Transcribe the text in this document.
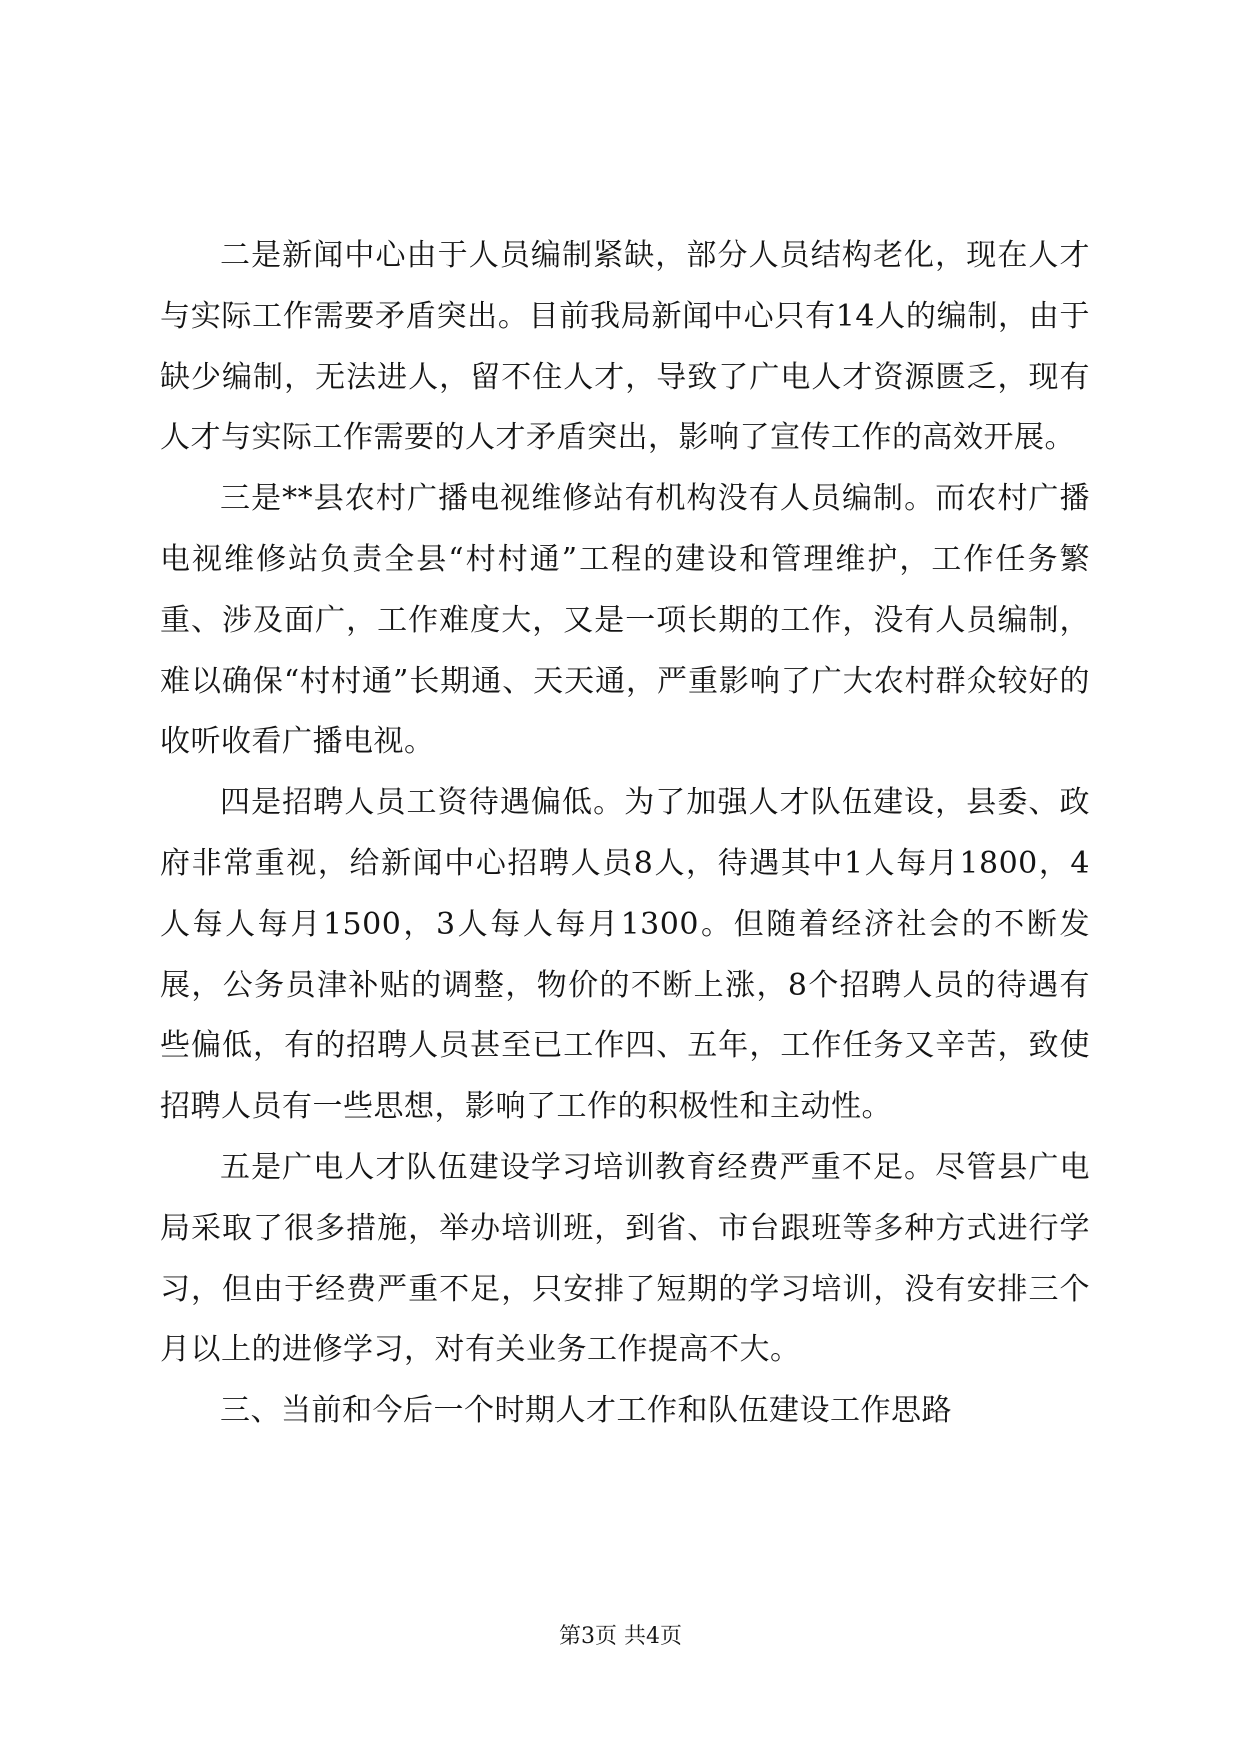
二是新闻中心由于人员编制紧缺，部分人员结构老化，现在人才与实际工作需要矛盾突出。目前我局新闻中心只有14人的编制，由于缺少编制，无法进人，留不住人才，导致了广电人才资源匮乏，现有人才与实际工作需要的人才矛盾突出，影响了宣传工作的高效开展。

三是**县农村广播电视维修站有机构没有人员编制。而农村广播电视维修站负责全县“村村通”工程的建设和管理维护，工作任务繁重、涉及面广，工作难度大，又是一项长期的工作，没有人员编制，难以确保“村村通”长期通、天天通，严重影响了广大农村群众较好的收听收看广播电视。

四是招聘人员工资待遇偏低。为了加强人才队伍建设，县委、政府非常重视，给新闻中心招聘人员8人，待遇其中1人每月1800，4人每人每月1500，3人每人每月1300。但随着经济社会的不断发展，公务员津补贴的调整，物价的不断上涨，8个招聘人员的待遇有些偏低，有的招聘人员甚至已工作四、五年，工作任务又辛苦，致使招聘人员有一些思想，影响了工作的积极性和主动性。

五是广电人才队伍建设学习培训教育经费严重不足。尽管县广电局采取了很多措施，举办培训班，到省、市台跟班等多种方式进行学习，但由于经费严重不足，只安排了短期的学习培训，没有安排三个月以上的进修学习，对有关业务工作提高不大。

三、当前和今后一个时期人才工作和队伍建设工作思路

第3页 共4页
